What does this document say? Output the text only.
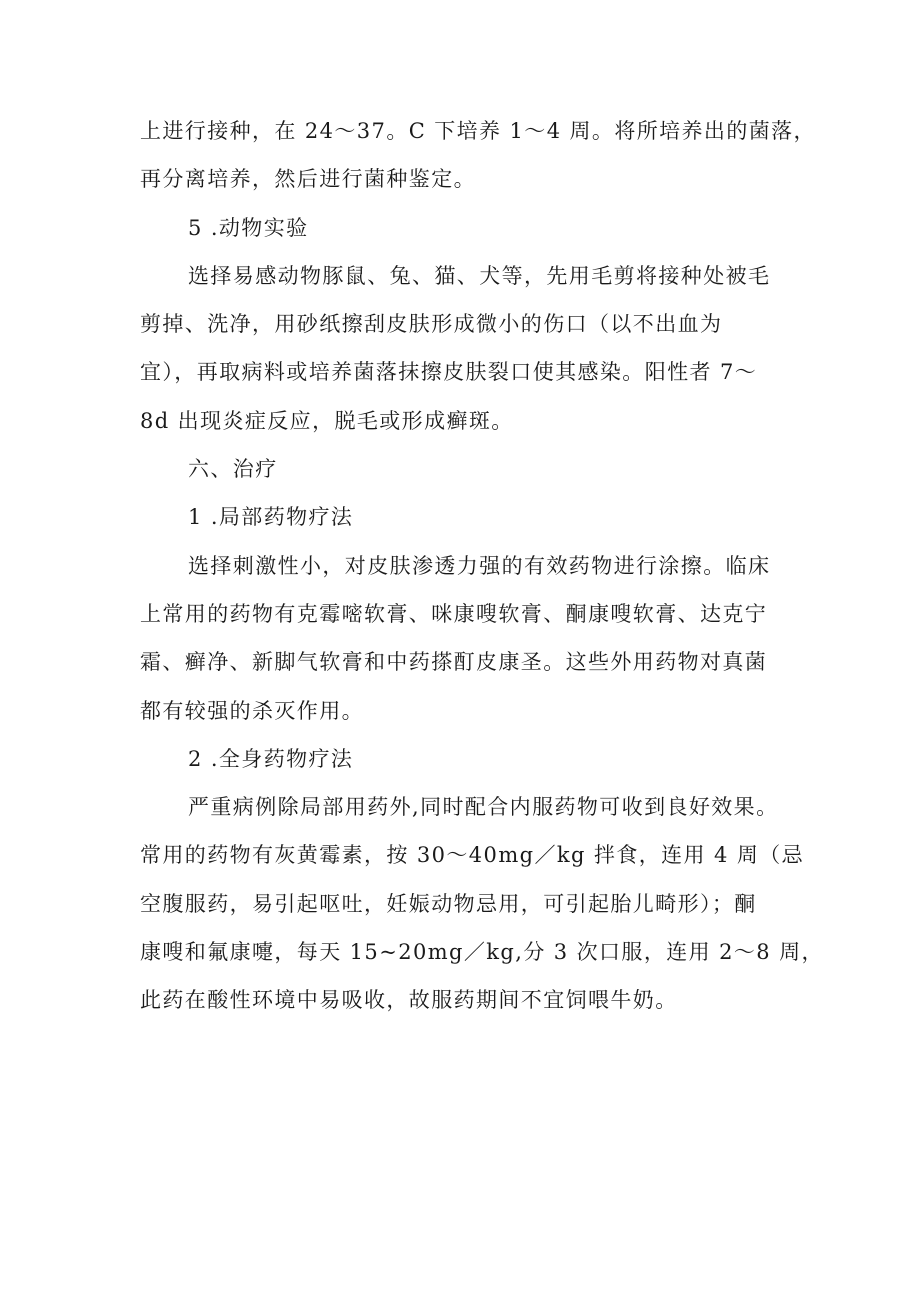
上进行接种，在 24～37。C 下培养 1～4 周。将所培养出的菌落，
再分离培养，然后进行菌种鉴定。
5 .动物实验
选择易感动物豚鼠、兔、猫、犬等，先用毛剪将接种处被毛
剪掉、洗净，用砂纸擦刮皮肤形成微小的伤口（以不出血为
宜），再取病料或培养菌落抹擦皮肤裂口使其感染。阳性者 7～
8d 出现炎症反应，脱毛或形成癣斑。
六、治疗
1 .局部药物疗法
选择刺激性小，对皮肤渗透力强的有效药物进行涂擦。临床
上常用的药物有克霉嘧软膏、咪康嗖软膏、酮康嗖软膏、达克宁
霜、癣净、新脚气软膏和中药搽酊皮康圣。这些外用药物对真菌
都有较强的杀灭作用。
2 .全身药物疗法
严重病例除局部用药外,同时配合内服药物可收到良好效果。
常用的药物有灰黄霉素，按 30～40mg／kg 拌食，连用 4 周（忌
空腹服药，易引起呕吐，妊娠动物忌用，可引起胎儿畸形）；酮
康嗖和氟康嚏，每天 15~20mg／kg,分 3 次口服，连用 2～8 周，
此药在酸性环境中易吸收，故服药期间不宜饲喂牛奶。
